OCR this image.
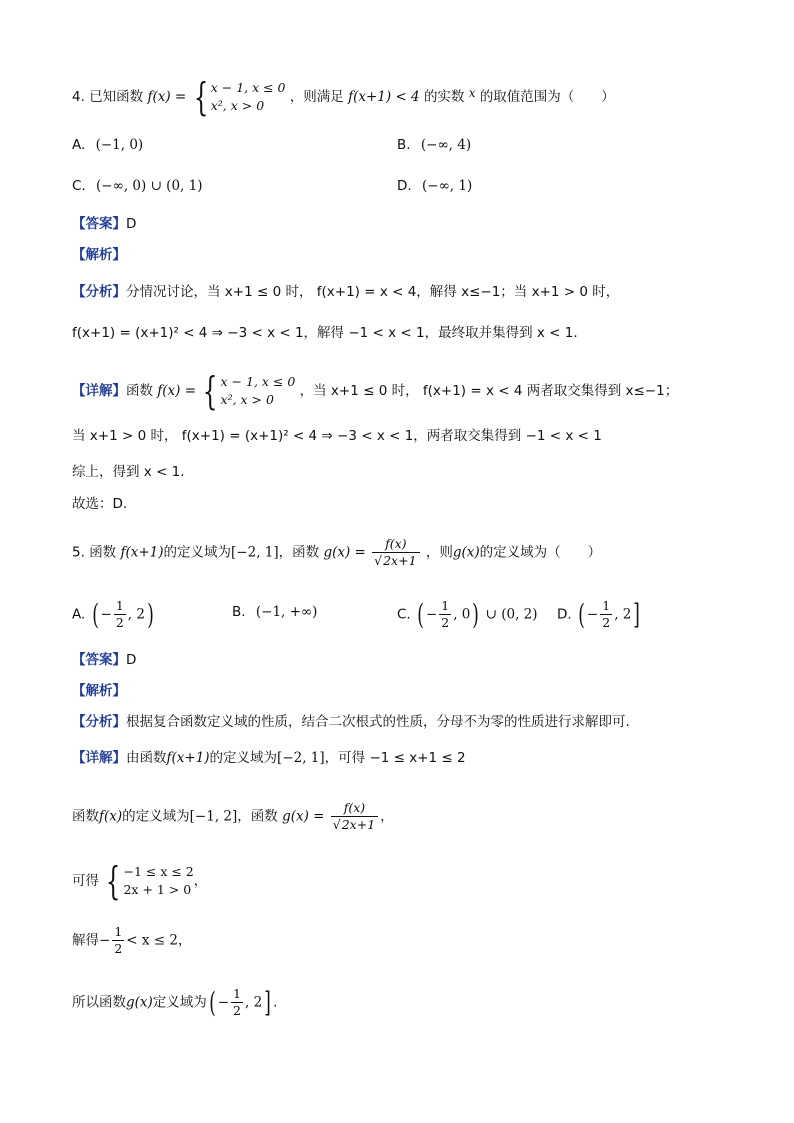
4. 已知函数 f(x) = { x − 1, x ≤ 0
x², x > 0
，则满足 f(x+1) < 4 的实数 x 的取值范围为（　　）
A. (−1, 0)	B. (−∞, 4)
C. (−∞, 0) ∪ (0, 1)	D. (−∞, 1)
【答案】D
【解析】
【分析】分情况讨论，当 x+1 ≤ 0 时， f(x+1) = x < 4，解得 x≤−1；当 x+1 > 0 时，
f(x+1) = (x+1)² < 4 ⇒ −3 < x < 1，解得 −1 < x < 1，最终取并集得到 x < 1.
【详解】函数 f(x) = { x − 1, x ≤ 0
x², x > 0
，当 x+1 ≤ 0 时， f(x+1) = x < 4 两者取交集得到 x≤−1；
当 x+1 > 0 时， f(x+1) = (x+1)² < 4 ⇒ −3 < x < 1，两者取交集得到 −1 < x < 1
综上，得到 x < 1.
故选：D.
5. 函数 f(x+1)的定义域为[−2, 1]，函数 $g(x) = \frac{f(x)}{√2x+1}$ ，则g(x)的定义域为（　　）
A. ( − $\frac{1}{2}$ , 2)	B. (−1, +∞)	C. ( − $\frac{1}{2}$ , 0) ∪ (0, 2) D. ( − $\frac{1}{2}$ , 2]
【答案】D
【解析】
【分析】根据复合函数定义域的性质，结合二次根式的性质，分母不为零的性质进行求解即可.
【详解】由函数f(x+1)的定义域为[−2, 1]，可得 −1 ≤ x+1 ≤ 2
函数f(x)的定义域为[−1, 2]，函数 $g(x) = \frac{f(x)}{√2x+1}$ ，
可得 { −1 ≤ x ≤ 2
2x + 1 > 0
，
解得− $\frac{1}{2} < x \le 2$，
所以函数g(x)定义域为( − $\frac{1}{2}$ , 2] .
